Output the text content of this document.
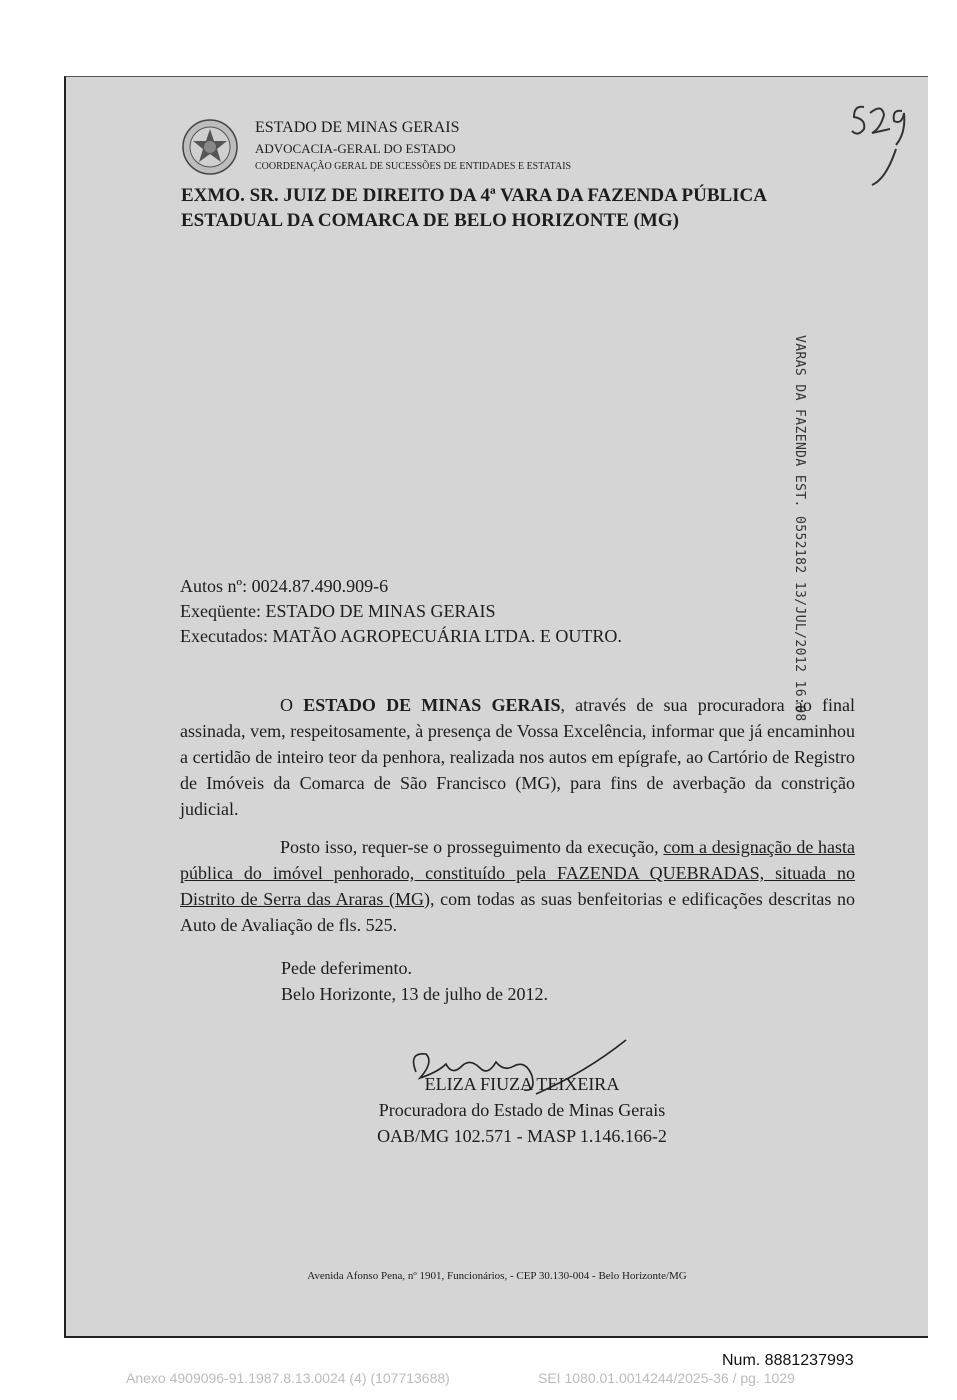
ESTADO DE MINAS GERAIS
ADVOCACIA-GERAL DO ESTADO
COORDENAÇÃO GERAL DE SUCESSÕES DE ENTIDADES E ESTATAIS
EXMO. SR. JUIZ DE DIREITO DA 4ª VARA DA FAZENDA PÚBLICA
ESTADUAL DA COMARCA DE BELO HORIZONTE (MG)
VARAS DA FAZENDA EST. 0552182 13/JUL/2012 16:08
Autos nº: 0024.87.490.909-6
Exeqüente: ESTADO DE MINAS GERAIS
Executados: MATÃO AGROPECUÁRIA LTDA. E OUTRO.
O ESTADO DE MINAS GERAIS, através de sua procuradora ao final assinada, vem, respeitosamente, à presença de Vossa Excelência, informar que já encaminhou a certidão de inteiro teor da penhora, realizada nos autos em epígrafe, ao Cartório de Registro de Imóveis da Comarca de São Francisco (MG), para fins de averbação da constrição judicial.
Posto isso, requer-se o prosseguimento da execução, com a designação de hasta pública do imóvel penhorado, constituído pela FAZENDA QUEBRADAS, situada no Distrito de Serra das Araras (MG), com todas as suas benfeitorias e edificações descritas no Auto de Avaliação de fls. 525.
Pede deferimento.
Belo Horizonte, 13 de julho de 2012.
ELIZA FIUZA TEIXEIRA
Procuradora do Estado de Minas Gerais
OAB/MG 102.571 - MASP 1.146.166-2
Avenida Afonso Pena, nº 1901, Funcionários, - CEP 30.130-004 - Belo Horizonte/MG
Num. 8881237993
Anexo 4909096-91.1987.8.13.0024 (4) (107713688)	SEI 1080.01.0014244/2025-36 / pg. 1029
